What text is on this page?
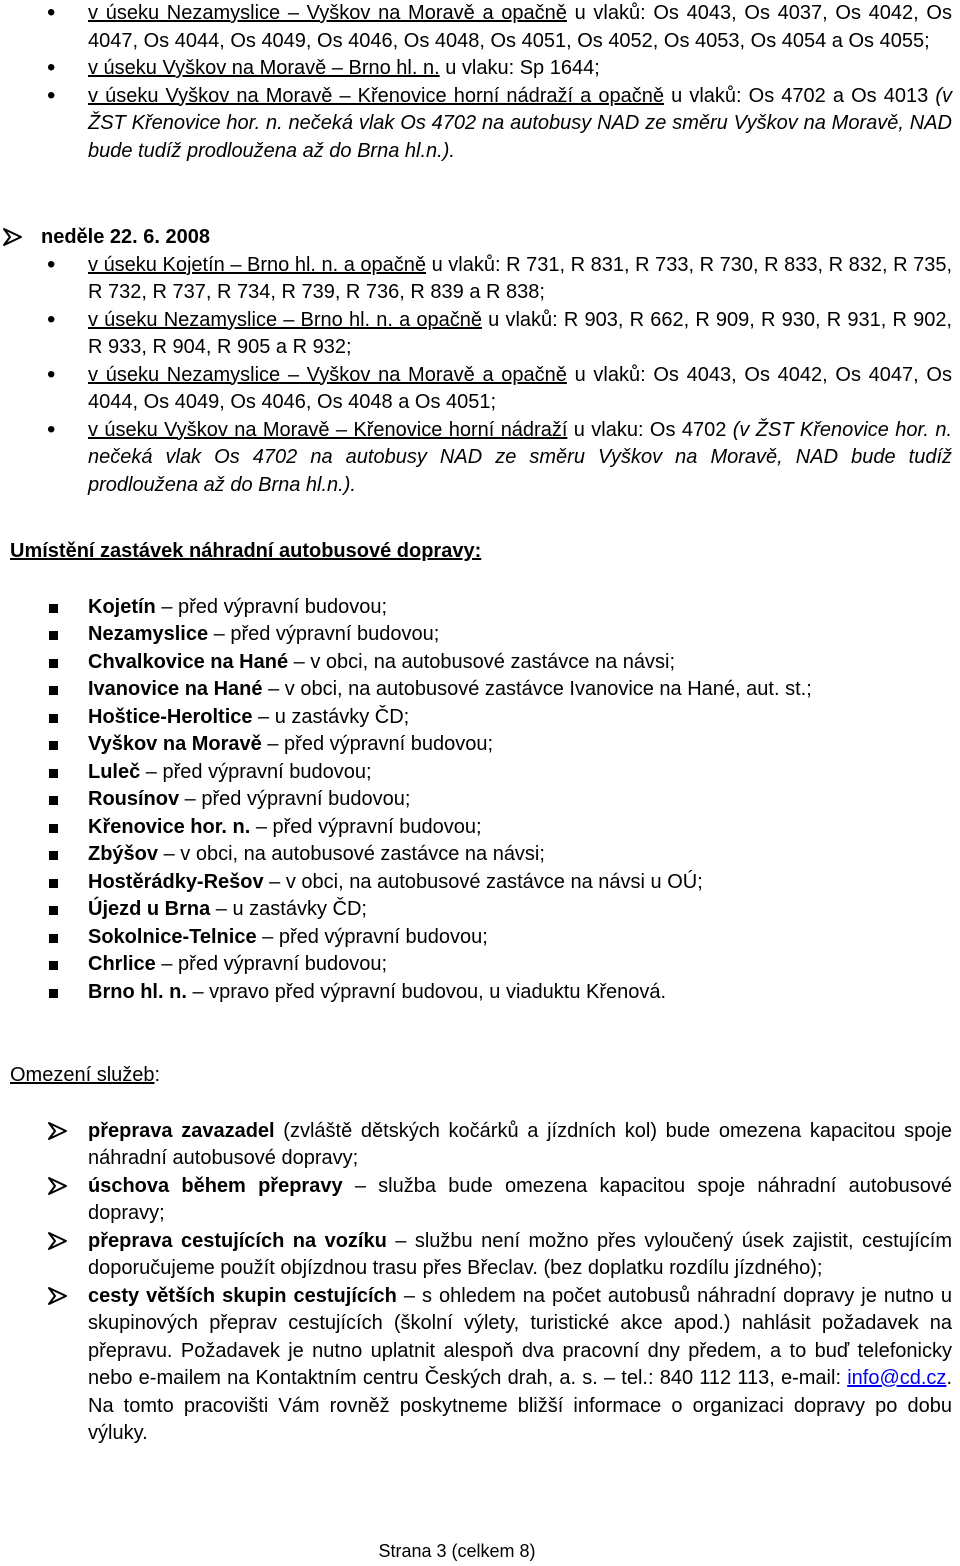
• v úseku Nezamyslice – Vyškov na Moravě a opačně u vlaků: Os 4043, Os 4037, Os 4042, Os 4047, Os 4044, Os 4049, Os 4046, Os 4048, Os 4051, Os 4052, Os 4053, Os 4054 a Os 4055;
• v úseku Vyškov na Moravě – Brno hl. n. u vlaku: Sp 1644;
• v úseku Vyškov na Moravě – Křenovice horní nádraží a opačně u vlaků: Os 4702 a Os 4013 (v ŽST Křenovice hor. n. nečeká vlak Os 4702 na autobusy NAD ze směru Vyškov na Moravě, NAD bude tudíž prodloužena až do Brna hl.n.).
neděle 22. 6. 2008
• v úseku Kojetín – Brno hl. n. a opačně u vlaků: R 731, R 831, R 733, R 730, R 833, R 832, R 735, R 732, R 737, R 734, R 739, R 736, R 839 a R 838;
• v úseku Nezamyslice – Brno hl. n. a opačně u vlaků: R 903, R 662, R 909, R 930, R 931, R 902, R 933, R 904, R 905 a R 932;
• v úseku Nezamyslice – Vyškov na Moravě a opačně u vlaků: Os 4043, Os 4042, Os 4047, Os 4044, Os 4049, Os 4046, Os 4048 a Os 4051;
• v úseku Vyškov na Moravě – Křenovice horní nádraží u vlaku: Os 4702 (v ŽST Křenovice hor. n. nečeká vlak Os 4702 na autobusy NAD ze směru Vyškov na Moravě, NAD bude tudíž prodloužena až do Brna hl.n.).
Umístění zastávek náhradní autobusové dopravy:
Kojetín – před výpravní budovou;
Nezamyslice – před výpravní budovou;
Chvalkovice na Hané – v obci, na autobusové zastávce na návsi;
Ivanovice na Hané – v obci, na autobusové zastávce Ivanovice na Hané, aut. st.;
Hoštice-Heroltice – u zastávky ČD;
Vyškov na Moravě – před výpravní budovou;
Luleč – před výpravní budovou;
Rousínov – před výpravní budovou;
Křenovice hor. n. – před výpravní budovou;
Zbýšov – v obci, na autobusové zastávce na návsi;
Hostěrádky-Rešov – v obci, na autobusové zastávce na návsi u OÚ;
Újezd u Brna – u zastávky ČD;
Sokolnice-Telnice – před výpravní budovou;
Chrlice – před výpravní budovou;
Brno hl. n. – vpravo před výpravní budovou, u viaduktu Křenová.
Omezení služeb:
přeprava zavazadel (zvláště dětských kočárků a jízdních kol) bude omezena kapacitou spoje náhradní autobusové dopravy;
úschova během přepravy – služba bude omezena kapacitou spoje náhradní autobusové dopravy;
přeprava cestujících na vozíku – službu není možno přes vyloučený úsek zajistit, cestujícím doporučujeme použít objízdnou trasu přes Břeclav. (bez doplatku rozdílu jízdného);
cesty větších skupin cestujících – s ohledem na počet autobusů náhradní dopravy je nutno u skupinových přeprav cestujících (školní výlety, turistické akce apod.) nahlásit požadavek na přepravu. Požadavek je nutno uplatnit alespoň dva pracovní dny předem, a to buď telefonicky nebo e-mailem na Kontaktním centru Českých drah, a. s. – tel.: 840 112 113, e-mail: info@cd.cz. Na tomto pracovišti Vám rovněž poskytneme bližší informace o organizaci dopravy po dobu výluky.
Strana 3 (celkem 8)
